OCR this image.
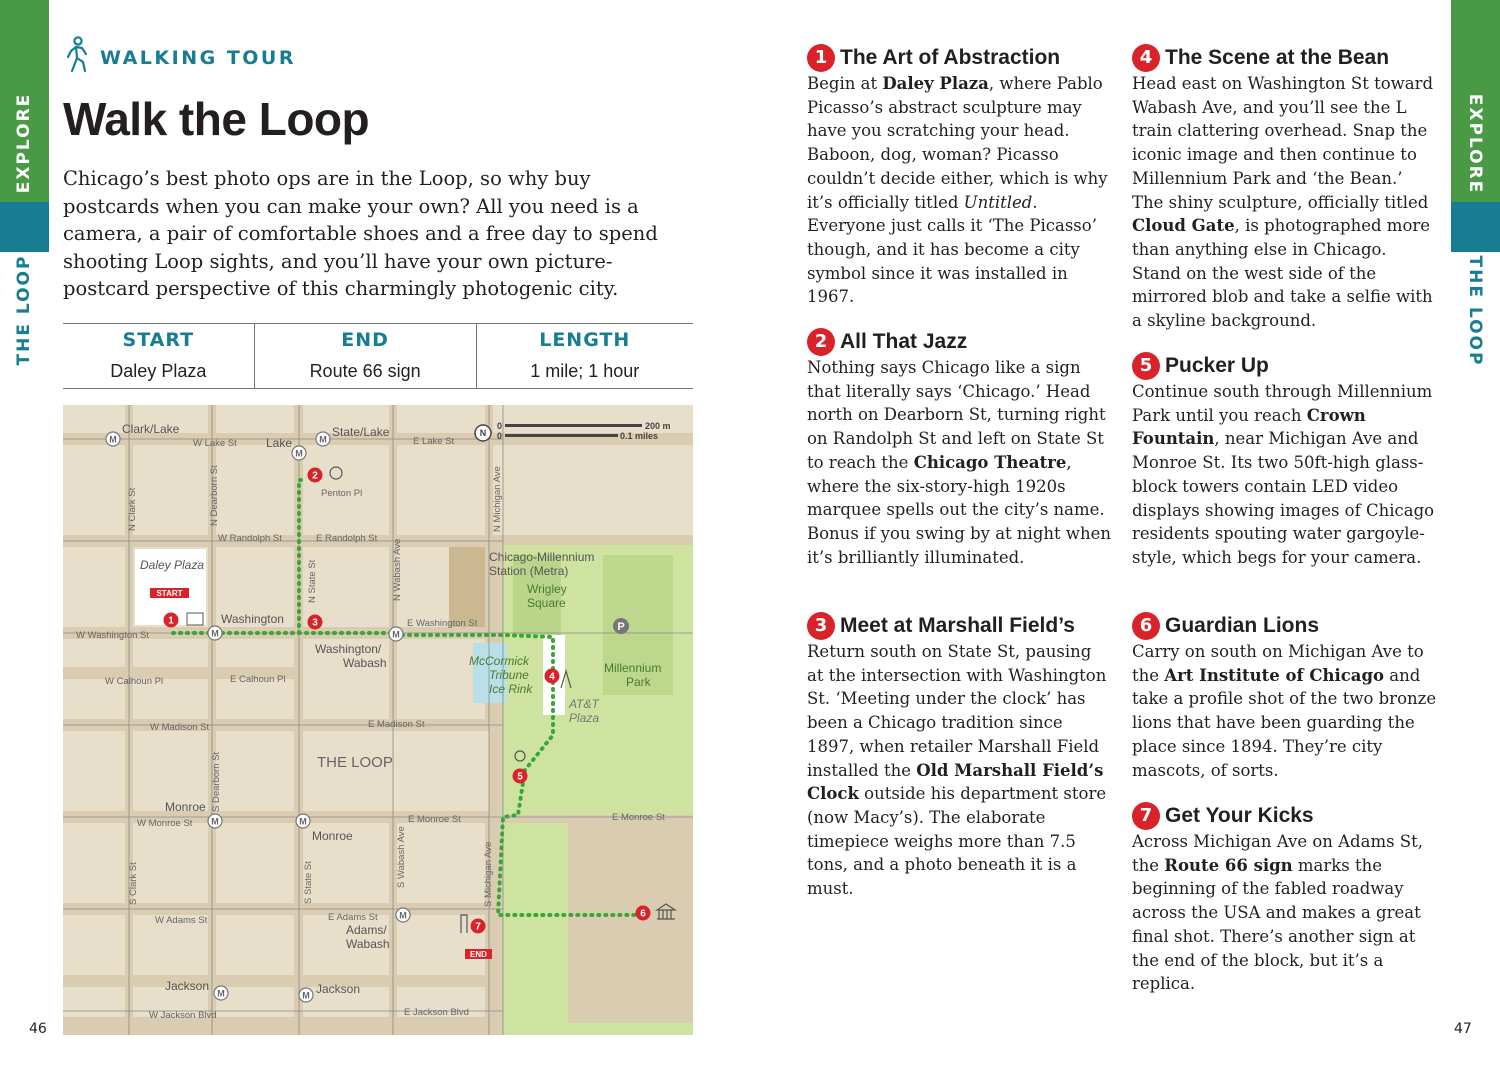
EXPLORE
THE LOOP
46
EXPLORE
THE LOOP
47
WALKING TOUR
Walk the Loop

Chicago’s best photo ops are in the Loop, so why buy postcards when you can make your own? All you need is a camera, a pair of comfortable shoes and a free day to spend shooting Loop sights, and you’ll have your own picture-postcard perspective of this charmingly photogenic city.

START	END	LENGTH
Daley Plaza	Route 66 sign	1 mile; 1 hour
M
M
M
M	M
M	M
M
M	M
Clark/Lake
Lake
State/Lake
Washington
Washington/
Wabash
Monroe
Monroe
Adams/
Wabash
Jackson	Jackson
W Lake St	E Lake St
N Clark St	N Dearborn St
W Randolph St	E Randolph St
N State St	N Wabash Ave
N Michigan Ave
W Washington St
E Washington St
W Calhoun Pl	E Calhoun Pl
W Madison St	E Madison St
S Dearborn St
W Monroe St	E Monroe St	E Monroe St
S Clark St	S State St	S Wabash Ave	S Michigan Ave
W Adams St	E Adams St
W Jackson Blvd	E Jackson Blvd
Penton Pl
Daley Plaza
Chicago-Millennium
Station (Metra)
Wrigley
Square
McCormick
Tribune
Ice Rink
Millennium
Park
AT&T
Plaza
THE LOOP
N
0
0
200 m
0.1 miles
P
1
2
3
4
5
6
7
START
END
1 The Art of Abstraction

Begin at Daley Plaza, where Pablo Picasso’s abstract sculpture may have you scratching your head. Baboon, dog, woman? Picasso couldn’t decide either, which is why it’s officially titled Untitled. Everyone just calls it ‘The Picasso’ though, and it has become a city symbol since it was installed in 1967.

2 All That Jazz

Nothing says Chicago like a sign that literally says ‘Chicago.’ Head north on Dearborn St, turning right on Randolph St and left on State St to reach the Chicago Theatre, where the six-story-high 1920s marquee spells out the city’s name. Bonus if you swing by at night when it’s brilliantly illuminated.

3 Meet at Marshall Field’s

Return south on State St, pausing at the intersection with Washington St. ‘Meeting under the clock’ has been a Chicago tradition since 1897, when retailer Marshall Field installed the Old Marshall Field’s Clock outside his department store (now Macy’s). The elaborate timepiece weighs more than 7.5 tons, and a photo beneath it is a must.

4 The Scene at the Bean

Head east on Washington St toward Wabash Ave, and you’ll see the L train clattering overhead. Snap the iconic image and then continue to Millennium Park and ‘the Bean.’ The shiny sculpture, officially titled Cloud Gate, is photographed more than anything else in Chicago. Stand on the west side of the mirrored blob and take a selfie with a skyline background.

5 Pucker Up

Continue south through Millennium Park until you reach Crown Fountain, near Michigan Ave and Monroe St. Its two 50ft-high glass-block towers contain LED video displays showing images of Chicago residents spouting water gargoyle-style, which begs for your camera.

6 Guardian Lions

Carry on south on Michigan Ave to the Art Institute of Chicago and take a profile shot of the two bronze lions that have been guarding the place since 1894. They’re city mascots, of sorts.

7 Get Your Kicks

Across Michigan Ave on Adams St, the Route 66 sign marks the beginning of the fabled roadway across the USA and makes a great final shot. There’s another sign at the end of the block, but it’s a replica.
